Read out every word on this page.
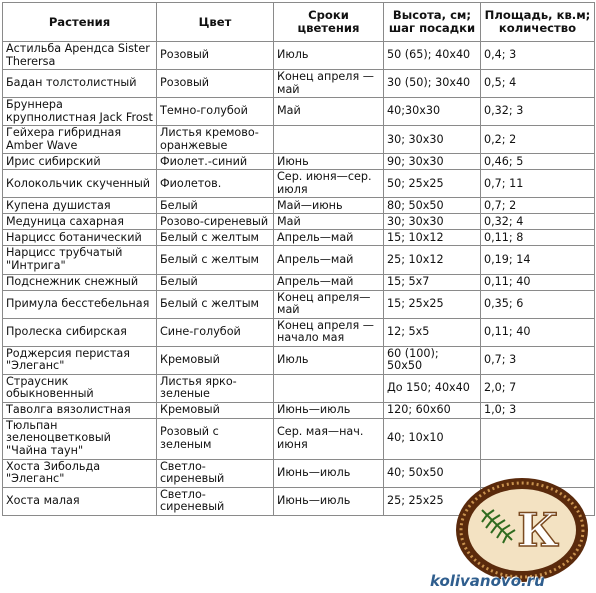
Растения	Цвет	Сроки цветения	Высота, см; шаг посадки	Площадь, кв.м; количество
Астильба Арендса Sister Therersa	Розовый	Июль	50 (65); 40x40	0,4; 3
Бадан толстолистный	Розовый	Конец апреля — май	30 (50); 30x40	0,5; 4
Бруннера крупнолистная Jack Frost	Темно-голубой	Май	40;30x30	0,32; 3
Гейхера гибридная Amber Wave	Листья кремово-оранжевые		30; 30x30	0,2; 2
Ирис сибирский	Фиолет.-синий	Июнь	90; 30x30	0,46; 5
Колокольчик скученный	Фиолетов.	Сер. июня—сер. июля	50; 25x25	0,7; 11
Купена душистая	Белый	Май—июнь	80; 50x50	0,7; 2
Медуница сахарная	Розово-сиреневый	Май	30; 30x30	0,32; 4
Нарцисс ботанический	Белый с желтым	Апрель—май	15; 10x12	0,11; 8
Нарцисс трубчатый "Интрига"	Белый с желтым	Апрель—май	25; 10x12	0,19; 14
Подснежник снежный	Белый	Апрель—май	15; 5x7	0,11; 40
Примула бесстебельная	Белый с желтым	Конец апреля—май	15; 25x25	0,35; 6
Пролеска сибирская	Сине-голубой	Конец апреля —начало мая	12; 5x5	0,11; 40
Роджерсия перистая "Элеганс"	Кремовый	Июль	60 (100); 50x50	0,7; 3
Страусник обыкновенный	Листья ярко-зеленые		До 150; 40x40	2,0; 7
Таволга вязолистная	Кремовый	Июнь—июль	120; 60x60	1,0; 3
Тюльпан зеленоцветковый "Чайна таун"	Розовый с зеленым	Сер. мая—нач. июня	40; 10x10	
Хоста Зибольда "Элеганс"	Светло-сиреневый	Июнь—июль	40; 50x50	
Хоста малая	Светло-сиреневый	Июнь—июль	25; 25x25	
К
kolivanovo.ru
